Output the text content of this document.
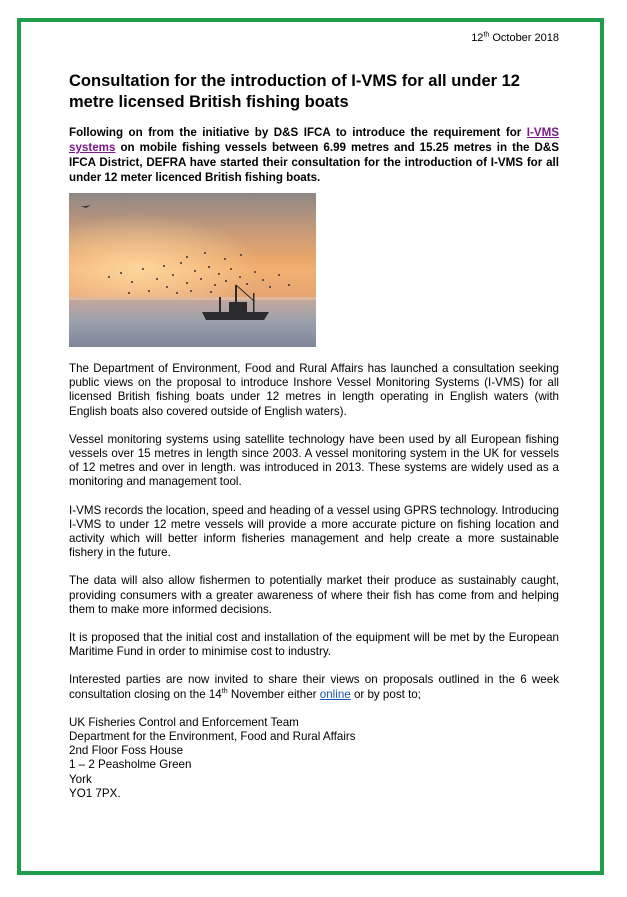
12th October 2018
Consultation for the introduction of I-VMS for all under 12 metre licensed British fishing boats

Following on from the initiative by D&S IFCA to introduce the requirement for I-VMS systems on mobile fishing vessels between 6.99 metres and 15.25 metres in the D&S IFCA District, DEFRA have started their consultation for the introduction of I-VMS for all under 12 meter licenced British fishing boats.

The Department of Environment, Food and Rural Affairs has launched a consultation seeking public views on the proposal to introduce Inshore Vessel Monitoring Systems (I-VMS) for all licensed British fishing boats under 12 metres in length operating in English waters (with English boats also covered outside of English waters).

Vessel monitoring systems using satellite technology have been used by all European fishing vessels over 15 metres in length since 2003. A vessel monitoring system in the UK for vessels of 12 metres and over in length. was introduced in 2013. These systems are widely used as a monitoring and management tool.

I-VMS records the location, speed and heading of a vessel using GPRS technology. Introducing I-VMS to under 12 metre vessels will provide a more accurate picture on fishing location and activity which will better inform fisheries management and help create a more sustainable fishery in the future.

The data will also allow fishermen to potentially market their produce as sustainably caught, providing consumers with a greater awareness of where their fish has come from and helping them to make more informed decisions.

It is proposed that the initial cost and installation of the equipment will be met by the European Maritime Fund in order to minimise cost to industry.

Interested parties are now invited to share their views on proposals outlined in the 6 week consultation closing on the 14th November either online or by post to;

UK Fisheries Control and Enforcement Team
Department for the Environment, Food and Rural Affairs
2nd Floor Foss House
1 – 2 Peasholme Green
York
YO1 7PX.
